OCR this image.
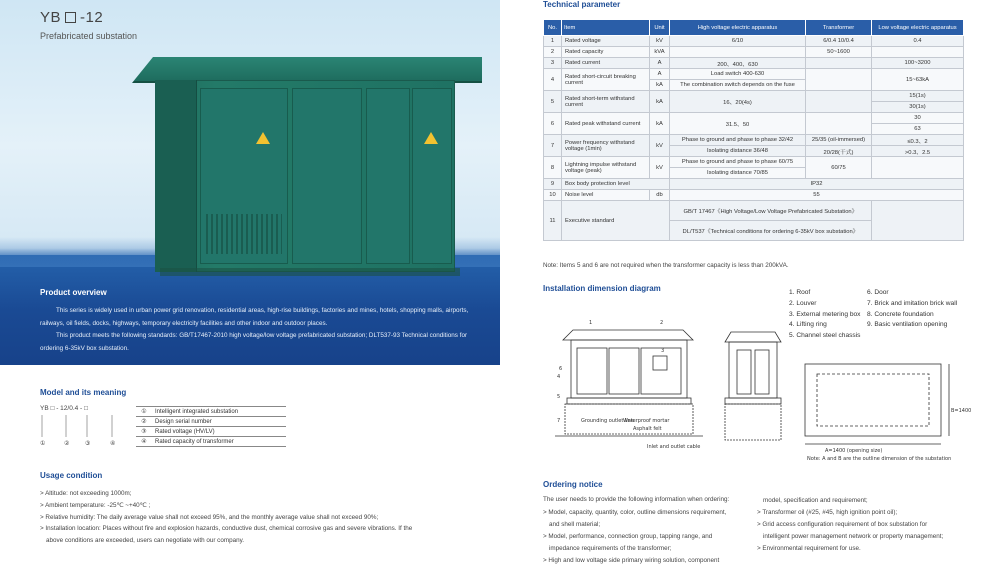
YB -12
Prefabricated substation
Product overview

This series is widely used in urban power grid renovation, residential areas, high-rise buildings, factories and mines, hotels, shopping malls, airports, railways, oil fields, docks, highways, temporary electricity facilities and other indoor and outdoor places.

This product meets the following standards: GB/T17467-2010 high voltage/low voltage prefabricated substation; DLT537-93 Technical conditions for ordering 6-35kV box substation.

Model and its meaning
YB □ - 12/0.4 - □
①	②	③	④
①	Intelligent integrated substation
②	Design serial number
③	Rated voltage (HV/LV)
④	Rated capacity of transformer
Usage condition
> Altitude: not exceeding 1000m;
> Ambient temperature: -25℃ ~+40℃ ;
> Relative humidity: The daily average value shall not exceed 95%, and the monthly average value shall not exceed 90%;
> Installation location: Places without fire and explosion hazards, conductive dust, chemical corrosive gas and severe vibrations. If the
above conditions are exceeded, users can negotiate with our company.
Technical parameter
No.	Item	Unit	High voltage electric apparatus	Transformer	Low voltage electric apparatus
1	Rated voltage	kV	6/10	6/0.4 10/0.4	0.4
2	Rated capacity	kVA		50~1600	
3	Rated current	A	200、400、630		100~3200
4	Rated short-circuit breaking current	A	Load switch 400-630		15~63kA
		kA	The combination switch depends on the fuse		
5	Rated short-term withstand current	kA	16、20(4s)		15(1s)
					30(1s)
6	Rated peak withstand current	kA	31.5、50		30
					63
7	Power frequency withstand voltage (1min)	kV	Phase to ground and phase to phase 32/42	25/35 (oil-immersed)	≤0.3、2
			Isolating distance 36/48	20/28(干式)	>0.3、2.5
8	Lightning impulse withstand voltage (peak)	kV	Phase to ground and phase to phase 60/75	60/75	
			Isolating distance 70/85		
9	Box body protection level		IP32		
10	Noise level	db	55		
11	Executive standard		GB/T 17467《High Voltage/Low Voltage Prefabricated Substation》		
			DL/T537《Technical conditions for ordering 6-35kV box substation》		
Note: Items 5 and 6 are not required when the transformer capacity is less than 200kVA.
Installation dimension diagram	1. Roof
2. Louver
3. External metering box
4. Lifting ring
5. Channel steel chassis
6. Door
7. Brick and imitation brick wall
8. Concrete foundation
9. Basic ventilation opening
1	2
3
4
5
6
7	Grounding outlet line
Waterproof mortar
Asphalt felt
Inlet and outlet cable
A=1400 (opening size)
B=1400
Note: A and B are the outline dimension of the substation
Ordering notice
The user needs to provide the following information when ordering:
> Model, capacity, quantity, color, outline dimensions requirement,
and shell material;
> Model, performance, connection group, tapping range, and
impedance requirements of the transformer;
> High and low voltage side primary wiring solution, component
model, specification and requirement;
> Transformer oil (#25, #45, high ignition point oil);
> Grid access configuration requirement of box substation for
intelligent power management network or property management;
> Environmental requirement for use.
